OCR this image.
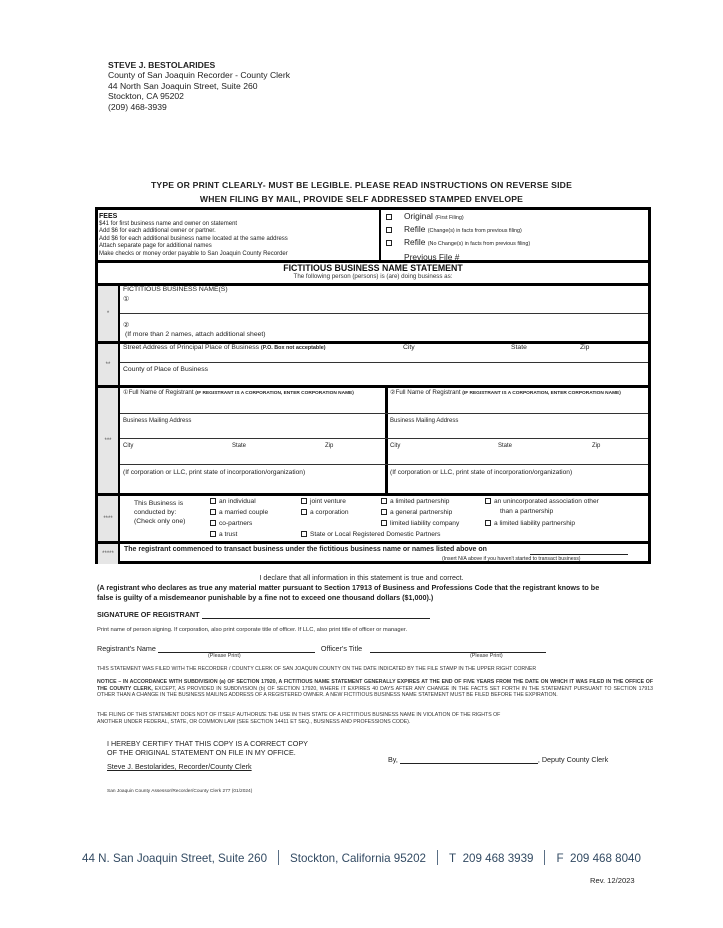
STEVE J. BESTOLARIDES
County of San Joaquin Recorder - County Clerk
44 North San Joaquin Street, Suite 260
Stockton, CA 95202
(209) 468-3939
TYPE OR PRINT CLEARLY- MUST BE LEGIBLE. PLEASE READ INSTRUCTIONS ON REVERSE SIDE
WHEN FILING BY MAIL, PROVIDE SELF ADDRESSED STAMPED ENVELOPE
FEES
$41 for first business name and owner on statement
Add $6 for each additional owner or partner.
Add $6 for each additional business name located at the same address
Attach separate page for additional names
Make checks or money order payable to San Joaquin County Recorder
Original (First Filing)
Refile (Change(s) in facts from previous filing)
Refile (No Change(s) in facts from previous filing)
Previous File #
FICTITIOUS BUSINESS NAME STATEMENT
The following person (persons) is (are) doing business as:
*
FICTITIOUS BUSINESS NAME(S)
①
②
(If more than 2 names, attach additional sheet)
**
Street Address of Principal Place of Business (P.O. Box not acceptable)	City	State	Zip
County of Place of Business
***
①Full Name of Registrant (IF REGISTRANT IS A CORPORATION, ENTER CORPORATION NAME)
Business Mailing Address
City	State	Zip
(If corporation or LLC, print state of incorporation/organization)
②Full Name of Registrant (IF REGISTRANT IS A CORPORATION, ENTER CORPORATION NAME)
Business Mailing Address
City	State	Zip
(If corporation or LLC, print state of incorporation/organization)
****
This Business is
conducted by:
(Check only one)
an individual
a married couple
co-partners
a trust
joint venture
a corporation
State or Local Registered Domestic Partners
a limited partnership
a general partnership
limited liability company
an unincorporated association other
than a partnership
a limited liability partnership
*****
The registrant commenced to transact business under the fictitious business name or names listed above on
(Insert N/A above if you haven't started to transact business)
I declare that all information in this statement is true and correct.
(A registrant who declares as true any material matter pursuant to Section 17913 of Business and Professions Code that the registrant knows to be
false is guilty of a misdemeanor punishable by a fine not to exceed one thousand dollars ($1,000).)
SIGNATURE OF REGISTRANT
Print name of person signing. If corporation, also print corporate title of officer. If LLC, also print title of officer or manager.
Registrant's Name	Officer's Title
(Please Print)	(Please Print)
THIS STATEMENT WAS FILED WITH THE RECORDER / COUNTY CLERK OF SAN JOAQUIN COUNTY ON THE DATE INDICATED BY THE FILE STAMP IN THE UPPER RIGHT CORNER
NOTICE – IN ACCORDANCE WITH SUBDIVISION (a) OF SECTION 17920, A FICTITIOUS NAME STATEMENT GENERALLY EXPIRES AT THE END OF FIVE YEARS FROM THE DATE ON WHICH IT WAS FILED IN THE OFFICE OF THE COUNTY CLERK, EXCEPT, AS PROVIDED IN SUBDIVISION (b) OF SECTION 17920, WHERE IT EXPIRES 40 DAYS AFTER ANY CHANGE IN THE FACTS SET FORTH IN THE STATEMENT PURSUANT TO SECTION 17913 OTHER THAN A CHANGE IN THE BUSINESS MAILING ADDRESS OF A REGISTERED OWNER. A NEW FICTITIOUS BUSINESS NAME STATEMENT MUST BE FILED BEFORE THE EXPIRATION.
THE FILING OF THIS STATEMENT DOES NOT OF ITSELF AUTHORIZE THE USE IN THIS STATE OF A FICTITIOUS BUSINESS NAME IN VIOLATION OF THE RIGHTS OF ANOTHER UNDER FEDERAL, STATE, OR COMMON LAW (SEE SECTION 14411 ET SEQ., BUSINESS AND PROFESSIONS CODE).
I HEREBY CERTIFY THAT THIS COPY IS A CORRECT COPY
OF THE ORIGINAL STATEMENT ON FILE IN MY OFFICE.
Steve J. Bestolarides, Recorder/County Clerk
By,	, Deputy County Clerk
San Joaquin County Assessor/Recorder/County Clerk 277 (01/2024)
44 N. San Joaquin Street, Suite 260 Stockton, California 95202 T 209 468 3939 F 209 468 8040
Rev. 12/2023
